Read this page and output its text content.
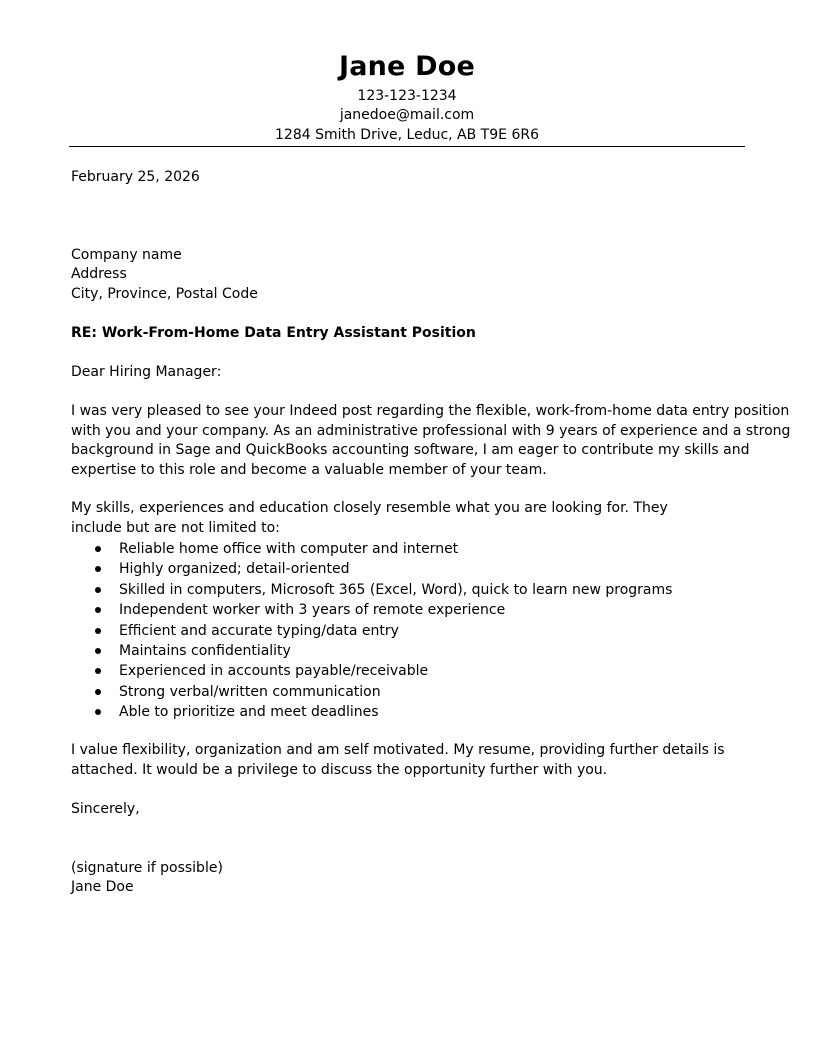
Jane Doe
123-123-1234
janedoe@mail.com
1284 Smith Drive, Leduc, AB T9E 6R6
February 25, 2026
Company name
Address
City, Province, Postal Code
RE: Work-From-Home Data Entry Assistant Position
Dear Hiring Manager:
I was very pleased to see your Indeed post regarding the flexible, work-from-home data entry position
with you and your company. As an administrative professional with 9 years of experience and a strong
background in Sage and QuickBooks accounting software, I am eager to contribute my skills and
expertise to this role and become a valuable member of your team.
My skills, experiences and education closely resemble what you are looking for. They
include but are not limited to:
Reliable home office with computer and internet
Highly organized; detail-oriented
Skilled in computers, Microsoft 365 (Excel, Word), quick to learn new programs
Independent worker with 3 years of remote experience
Efficient and accurate typing/data entry
Maintains confidentiality
Experienced in accounts payable/receivable
Strong verbal/written communication
Able to prioritize and meet deadlines
I value flexibility, organization and am self motivated. My resume, providing further details is
attached. It would be a privilege to discuss the opportunity further with you.
Sincerely,
(signature if possible)
Jane Doe
